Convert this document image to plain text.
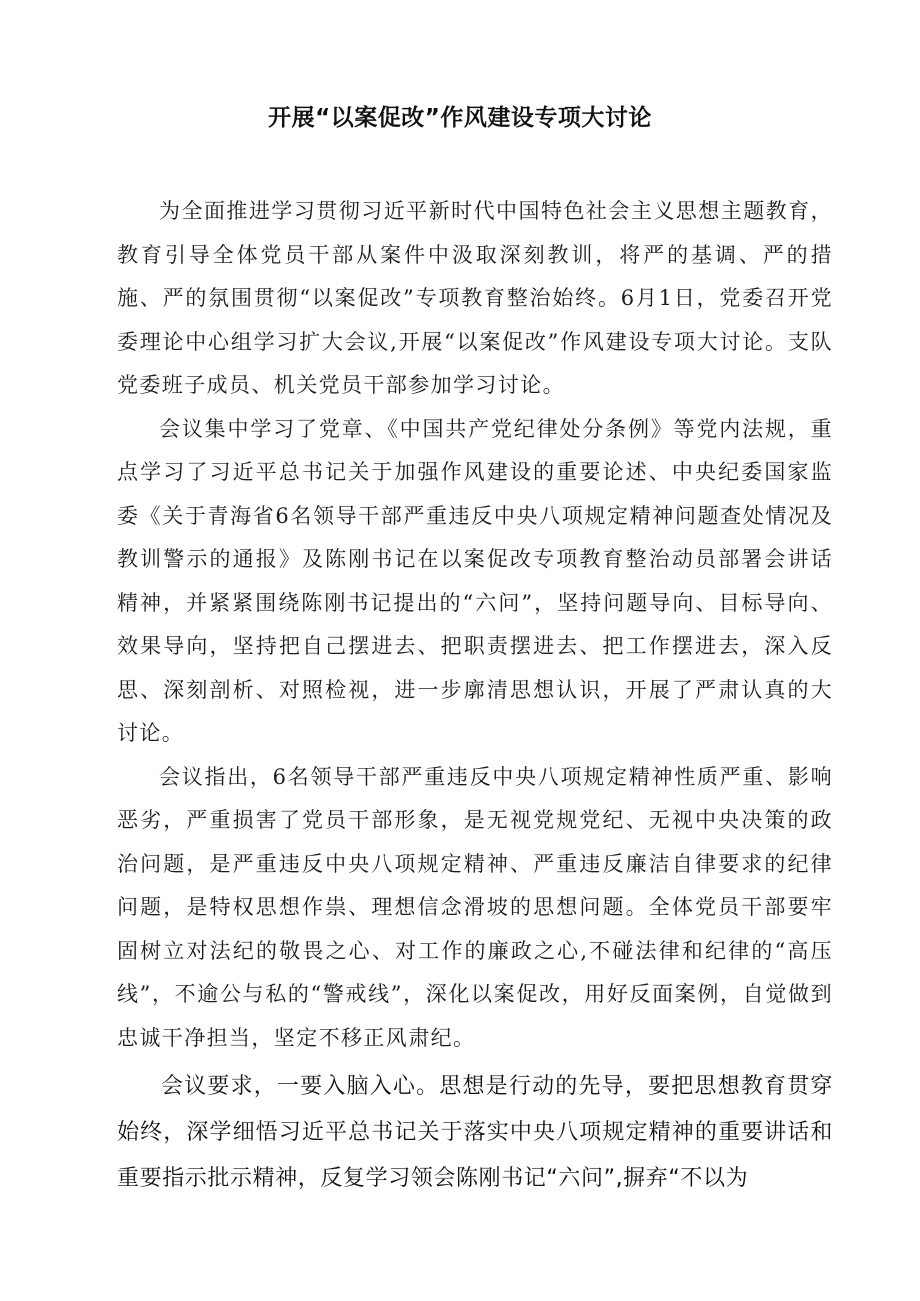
开展“以案促改”作风建设专项大讨论

为全面推进学习贯彻习近平新时代中国特色社会主义思想主题教育，教育引导全体党员干部从案件中汲取深刻教训，将严的基调、严的措施、严的氛围贯彻“以案促改”专项教育整治始终。6月1日，党委召开党委理论中心组学习扩大会议,开展“以案促改”作风建设专项大讨论。支队党委班子成员、机关党员干部参加学习讨论。

会议集中学习了党章、《中国共产党纪律处分条例》等党内法规，重点学习了习近平总书记关于加强作风建设的重要论述、中央纪委国家监委《关于青海省6名领导干部严重违反中央八项规定精神问题查处情况及教训警示的通报》及陈刚书记在以案促改专项教育整治动员部署会讲话精神，并紧紧围绕陈刚书记提出的“六问”，坚持问题导向、目标导向、效果导向，坚持把自己摆进去、把职责摆进去、把工作摆进去，深入反思、深刻剖析、对照检视，进一步廓清思想认识，开展了严肃认真的大讨论。

会议指出，6名领导干部严重违反中央八项规定精神性质严重、影响恶劣，严重损害了党员干部形象，是无视党规党纪、无视中央决策的政治问题，是严重违反中央八项规定精神、严重违反廉洁自律要求的纪律问题，是特权思想作祟、理想信念滑坡的思想问题。全体党员干部要牢固树立对法纪的敬畏之心、对工作的廉政之心,不碰法律和纪律的“高压线”，不逾公与私的“警戒线”，深化以案促改，用好反面案例，自觉做到忠诚干净担当，坚定不移正风肃纪。

会议要求，一要入脑入心。思想是行动的先导，要把思想教育贯穿始终，深学细悟习近平总书记关于落实中央八项规定精神的重要讲话和重要指示批示精神，反复学习领会陈刚书记“六问”,摒弃“不以为
